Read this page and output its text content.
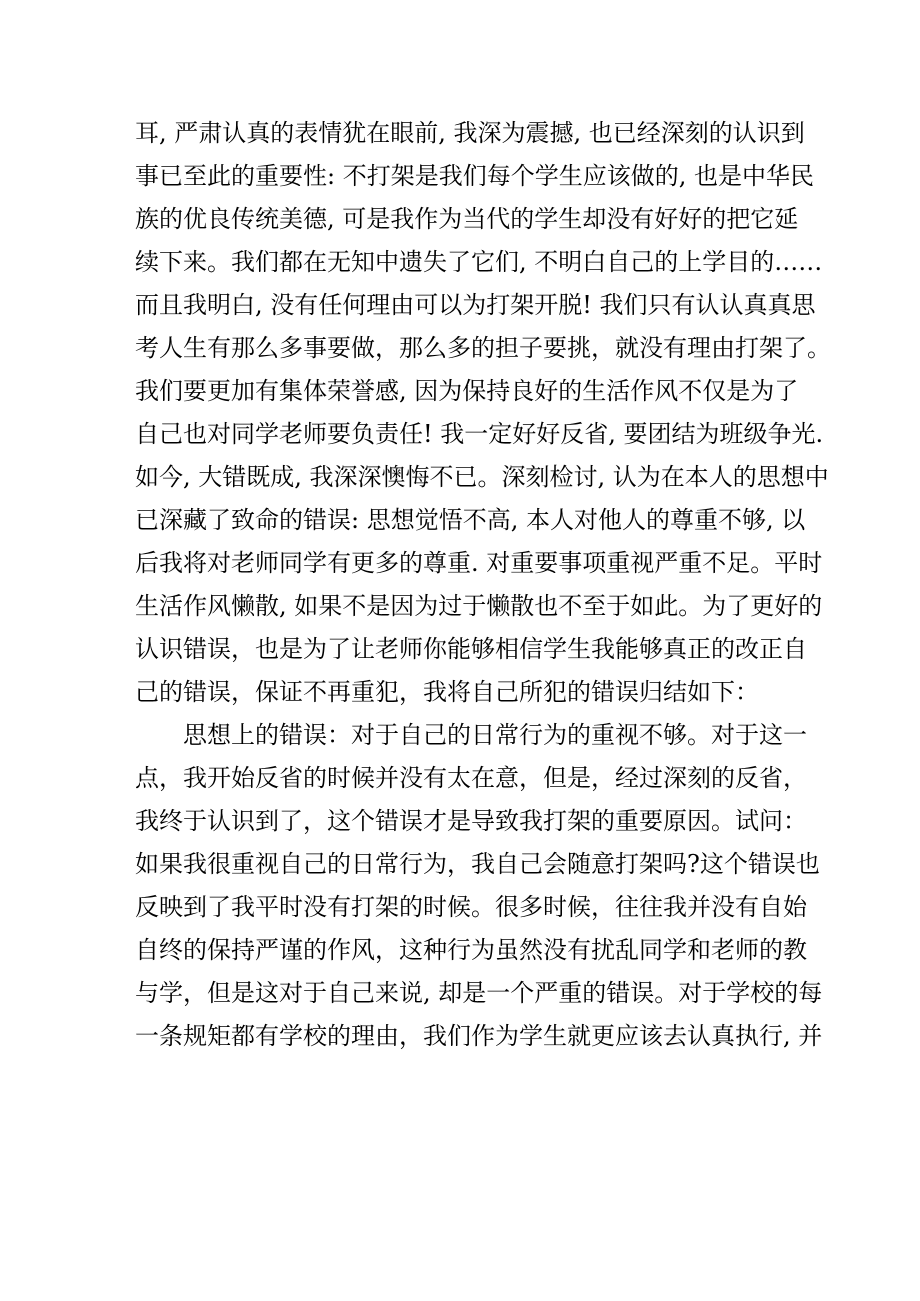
耳, 严肃认真的表情犹在眼前, 我深为震撼, 也已经深刻的认识到
事已至此的重要性: 不打架是我们每个学生应该做的, 也是中华民
族的优良传统美德, 可是我作为当代的学生却没有好好的把它延
续下来。我们都在无知中遗失了它们, 不明白自己的上学目的……
而且我明白, 没有任何理由可以为打架开脱! 我们只有认认真真思
考人生有那么多事要做，那么多的担子要挑，就没有理由打架了。
我们要更加有集体荣誉感, 因为保持良好的生活作风不仅是为了
自己也对同学老师要负责任! 我一定好好反省, 要团结为班级争光.
如今, 大错既成, 我深深懊悔不已。深刻检讨, 认为在本人的思想中
已深藏了致命的错误: 思想觉悟不高, 本人对他人的尊重不够, 以
后我将对老师同学有更多的尊重. 对重要事项重视严重不足。平时
生活作风懒散, 如果不是因为过于懒散也不至于如此。为了更好的
认识错误，也是为了让老师你能够相信学生我能够真正的改正自
己的错误，保证不再重犯，我将自己所犯的错误归结如下：
思想上的错误：对于自己的日常行为的重视不够。对于这一
点，我开始反省的时候并没有太在意，但是，经过深刻的反省，
我终于认识到了，这个错误才是导致我打架的重要原因。试问：
如果我很重视自己的日常行为，我自己会随意打架吗?这个错误也
反映到了我平时没有打架的时候。很多时候，往往我并没有自始
自终的保持严谨的作风，这种行为虽然没有扰乱同学和老师的教
与学，但是这对于自己来说, 却是一个严重的错误。对于学校的每
一条规矩都有学校的理由，我们作为学生就更应该去认真执行, 并
